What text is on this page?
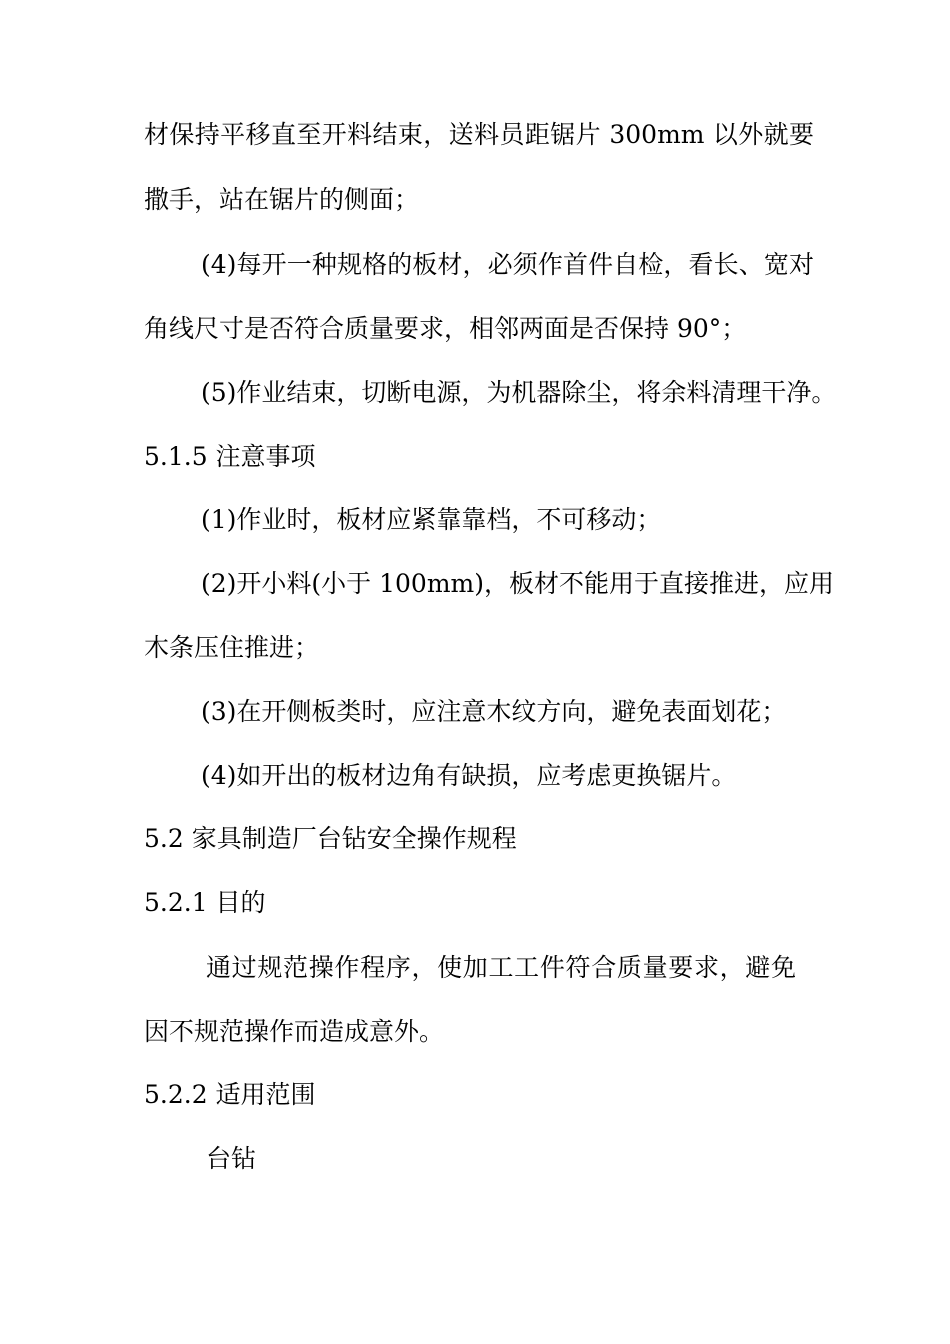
材保持平移直至开料结束，送料员距锯片 300mm 以外就要
撒手，站在锯片的侧面；
(4)每开一种规格的板材，必须作首件自检，看长、宽对
角线尺寸是否符合质量要求，相邻两面是否保持 90°；
(5)作业结束，切断电源，为机器除尘，将余料清理干净。
5.1.5 注意事项
(1)作业时，板材应紧靠靠档，不可移动；
(2)开小料(小于 100mm)，板材不能用于直接推进，应用
木条压住推进；
(3)在开侧板类时，应注意木纹方向，避免表面划花；
(4)如开出的板材边角有缺损，应考虑更换锯片。
5.2 家具制造厂台钻安全操作规程
5.2.1 目的
通过规范操作程序，使加工工件符合质量要求，避免
因不规范操作而造成意外。
5.2.2 适用范围
台钻
